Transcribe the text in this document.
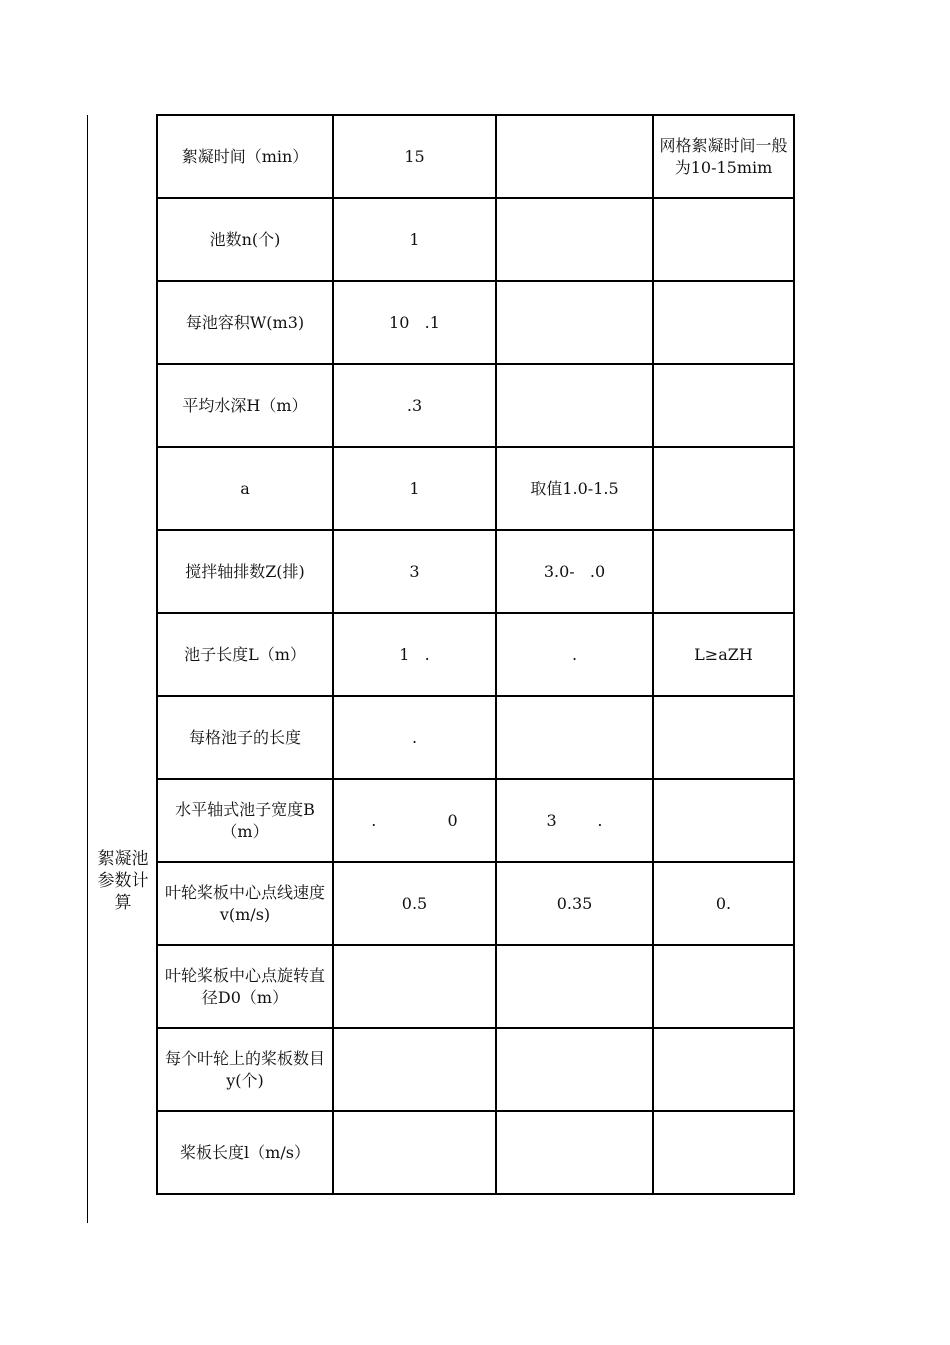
絮凝池参数计算
絮凝时间（min）	15		网格絮凝时间一般为10-15mim
池数n(个)	1		
每池容积W(m3)	10   .1		
平均水深H（m）	.3		
a	1	取值1.0-1.5	
搅拌轴排数Z(排)	3	3.0-   .0	
池子长度L（m）	1   .	.	L≥aZH
每格池子的长度	.		
水平轴式池子宽度B（m）	.              0	3        .	
叶轮桨板中心点线速度v(m/s)	0.5	0.35	0.
叶轮桨板中心点旋转直径D0（m）			
每个叶轮上的桨板数目y(个)			
桨板长度l（m/s）			
